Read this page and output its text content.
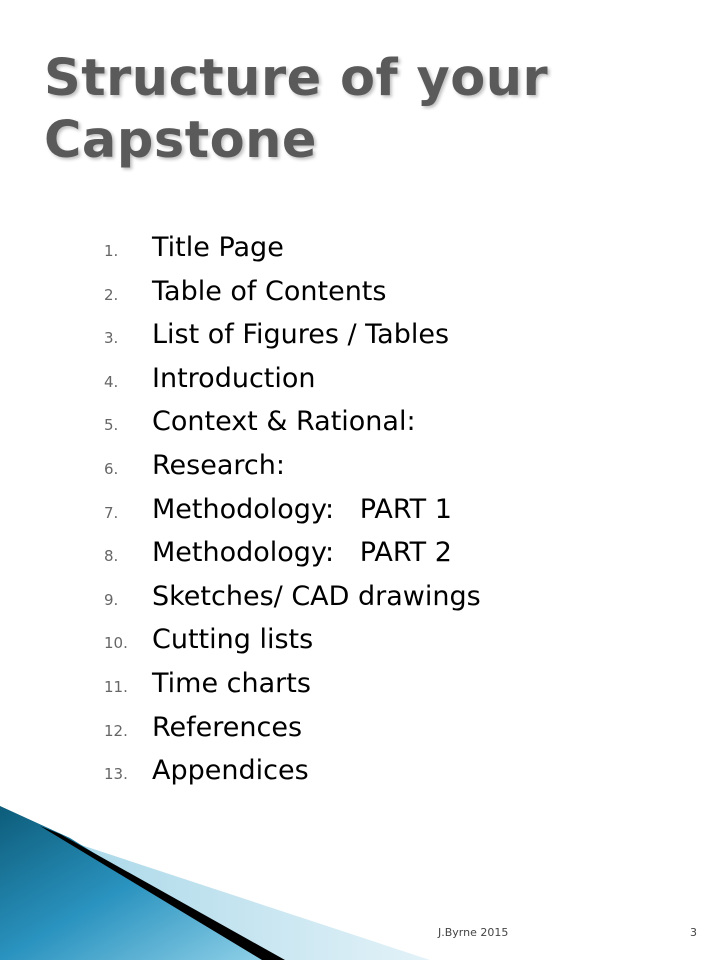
Structure of your
Capstone
1.	Title Page
2.	Table of Contents
3.	List of Figures / Tables
4.	Introduction
5.	Context & Rational:
6.	Research:
7.	Methodology:   PART 1
8.	Methodology:   PART 2
9.	Sketches/ CAD drawings
10. Cutting lists
11. Time charts
12. References
13. Appendices
J.Byrne 2015	3
